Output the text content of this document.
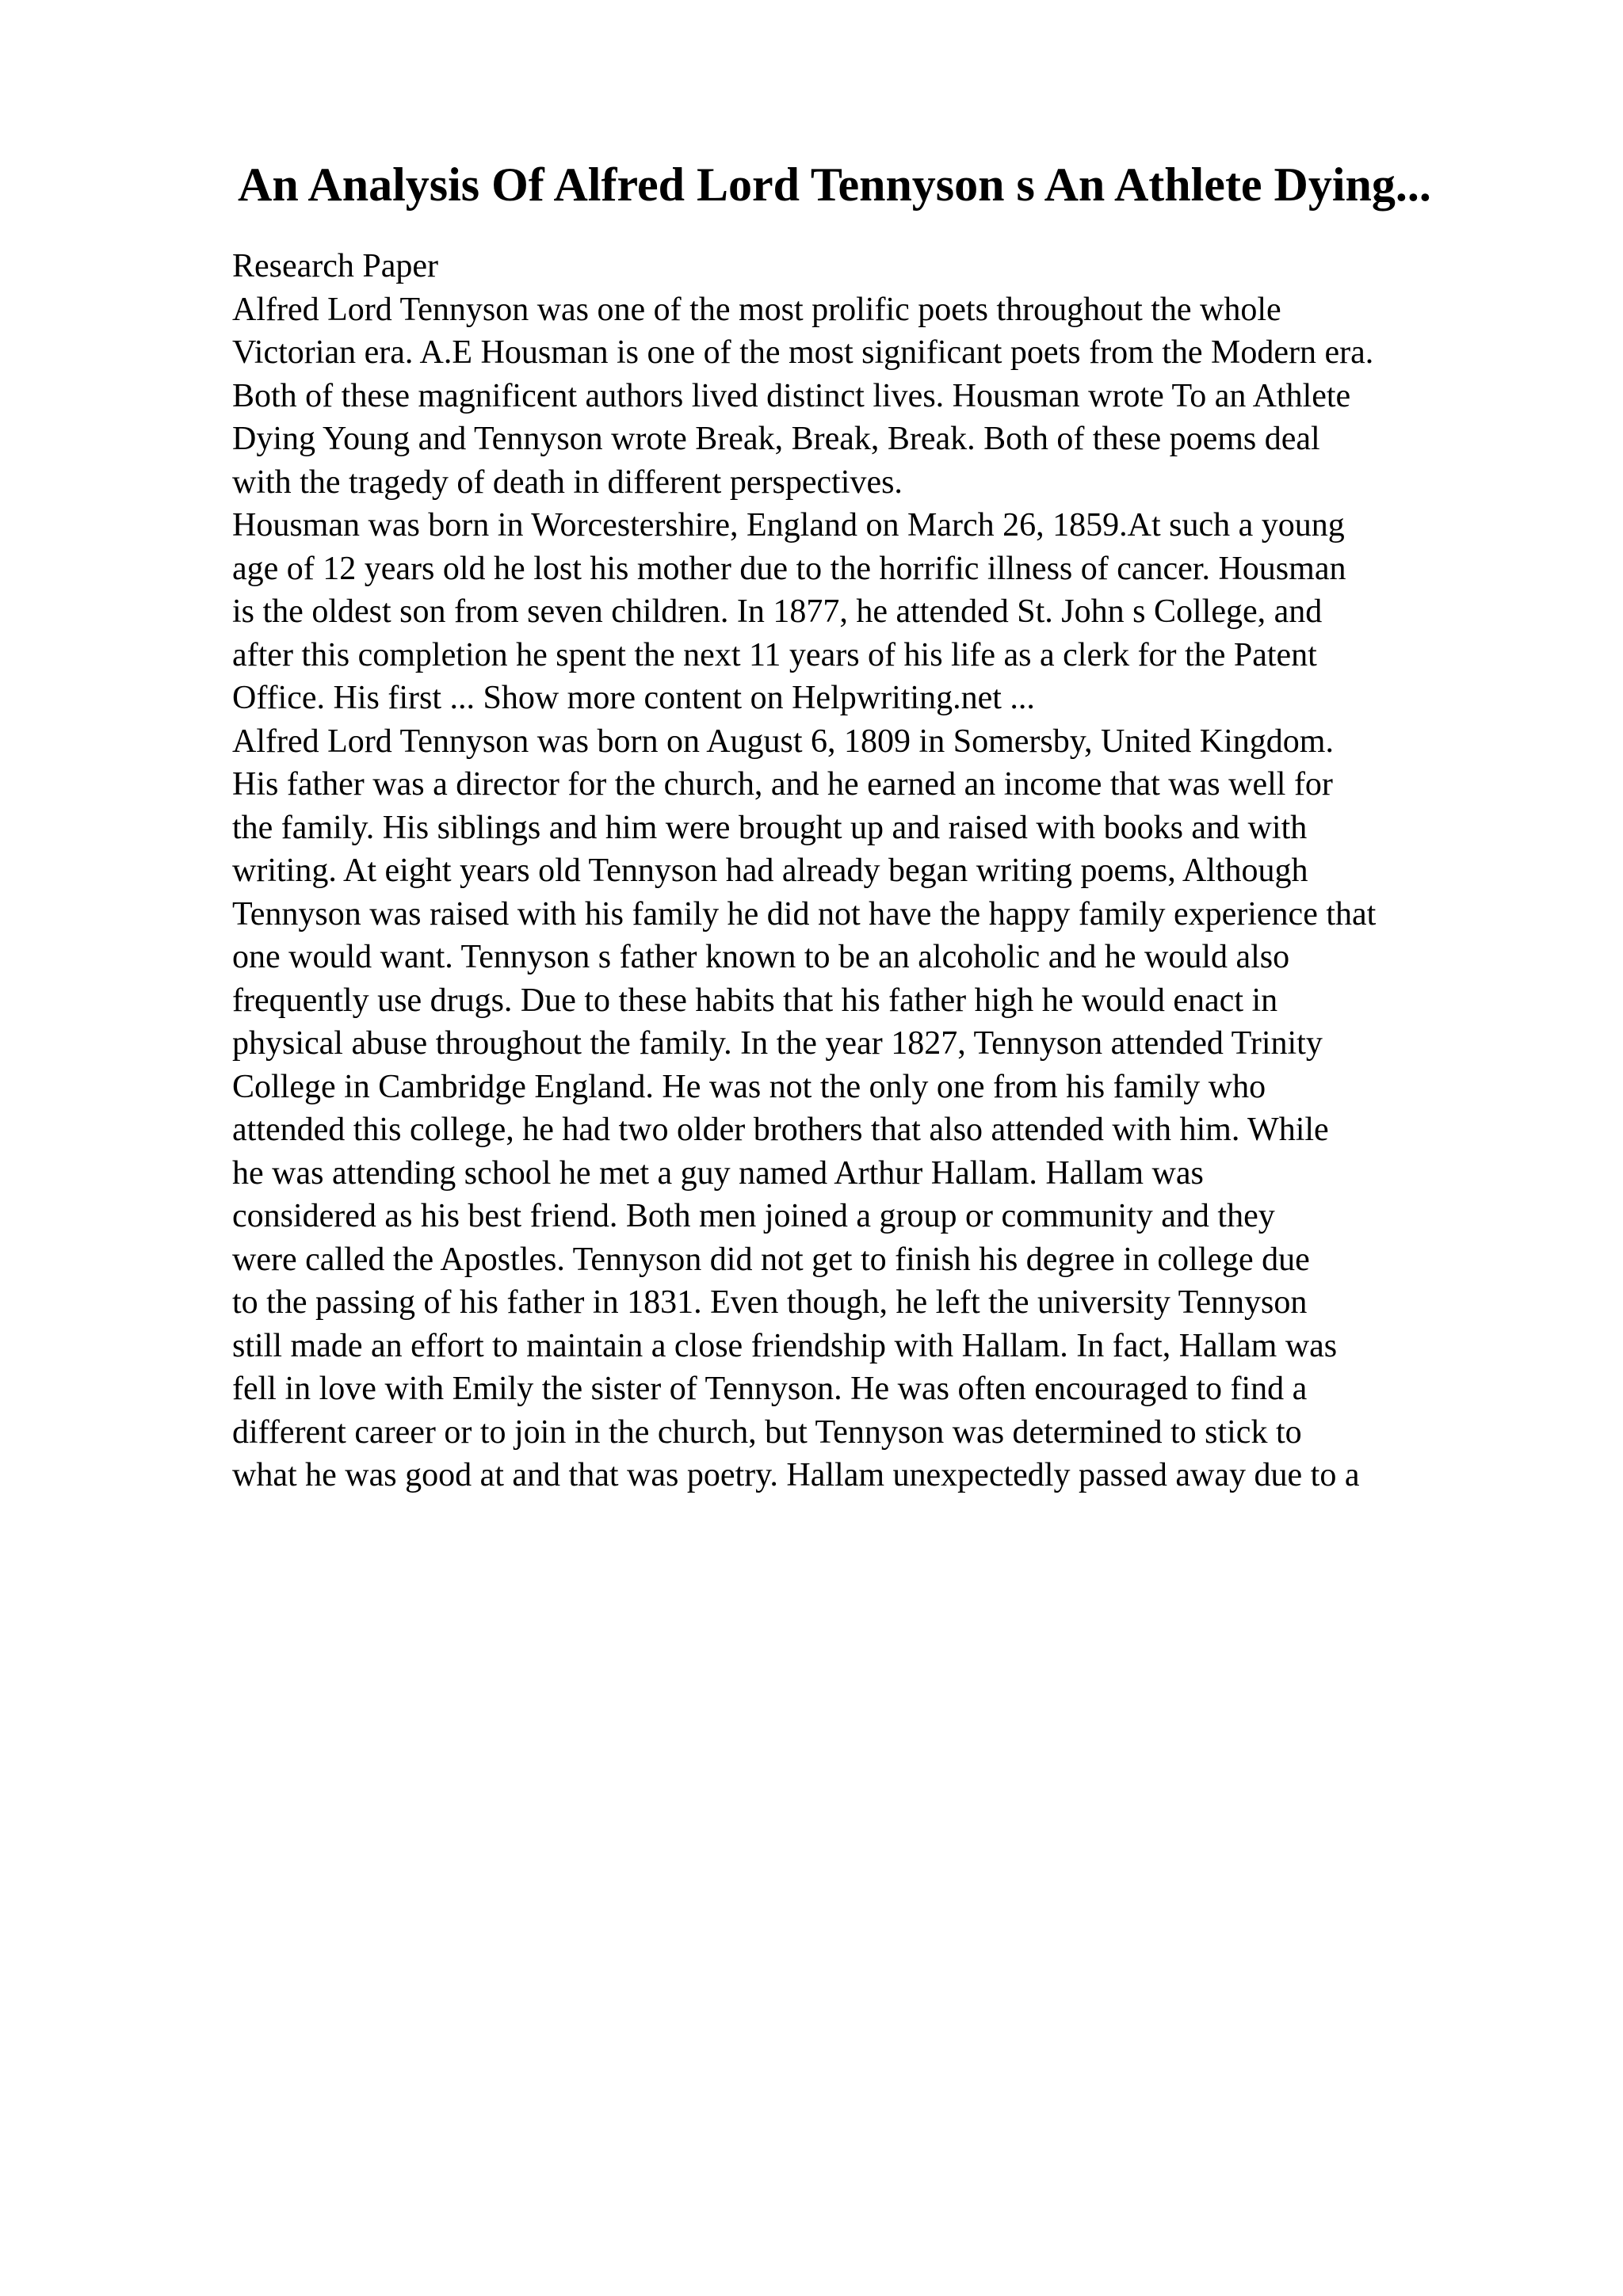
An Analysis Of Alfred Lord Tennyson s An Athlete Dying...
Research Paper
Alfred Lord Tennyson was one of the most prolific poets throughout the whole
Victorian era. A.E Housman is one of the most significant poets from the Modern era.
Both of these magnificent authors lived distinct lives. Housman wrote To an Athlete
Dying Young and Tennyson wrote Break, Break, Break. Both of these poems deal
with the tragedy of death in different perspectives.
Housman was born in Worcestershire, England on March 26, 1859.At such a young
age of 12 years old he lost his mother due to the horrific illness of cancer. Housman
is the oldest son from seven children. In 1877, he attended St. John s College, and
after this completion he spent the next 11 years of his life as a clerk for the Patent
Office. His first ... Show more content on Helpwriting.net ...
Alfred Lord Tennyson was born on August 6, 1809 in Somersby, United Kingdom.
His father was a director for the church, and he earned an income that was well for
the family. His siblings and him were brought up and raised with books and with
writing. At eight years old Tennyson had already began writing poems, Although
Tennyson was raised with his family he did not have the happy family experience that
one would want. Tennyson s father known to be an alcoholic and he would also
frequently use drugs. Due to these habits that his father high he would enact in
physical abuse throughout the family. In the year 1827, Tennyson attended Trinity
College in Cambridge England. He was not the only one from his family who
attended this college, he had two older brothers that also attended with him. While
he was attending school he met a guy named Arthur Hallam. Hallam was
considered as his best friend. Both men joined a group or community and they
were called the Apostles. Tennyson did not get to finish his degree in college due
to the passing of his father in 1831. Even though, he left the university Tennyson
still made an effort to maintain a close friendship with Hallam. In fact, Hallam was
fell in love with Emily the sister of Tennyson. He was often encouraged to find a
different career or to join in the church, but Tennyson was determined to stick to
what he was good at and that was poetry. Hallam unexpectedly passed away due to a
